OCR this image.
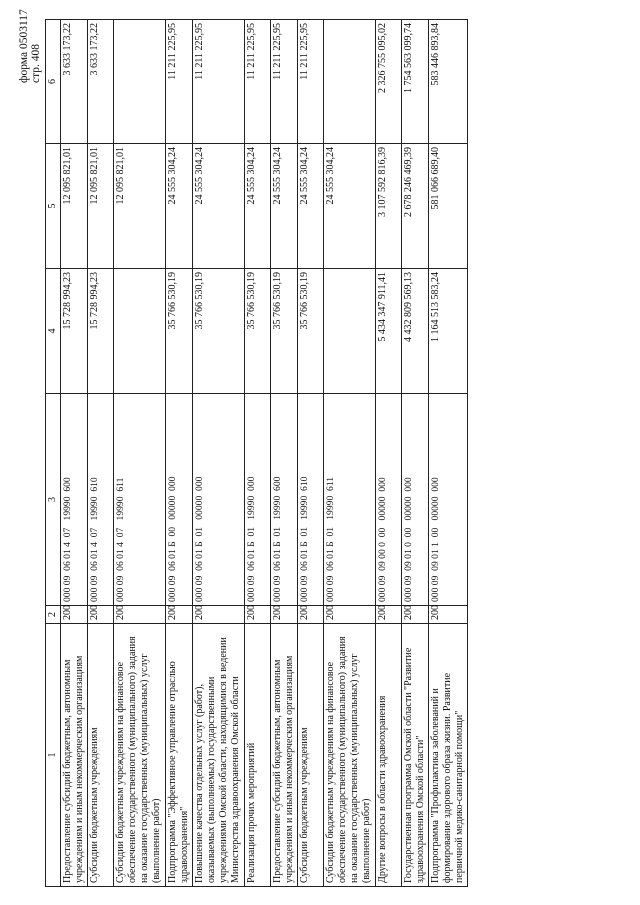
форма 0503117 стр. 408
1	2	3	4	5	6
Предоставление субсидий бюджетным, автономным учреждениям и иным некоммерческим организациям	200	000 09  06 01 4  07   19990  600	15 728 994,23	12 095 821,01	3 633 173,22
Субсидии бюджетным учреждениям	200	000 09  06 01 4  07   19990  610	15 728 994,23	12 095 821,01	3 633 173,22
Субсидии бюджетным учреждениям на финансовое обеспечение государственного (муниципального) задания на оказание государственных (муниципальных) услуг (выполнение работ)	200	000 09  06 01 4  07   19990  611		12 095 821,01	
Подпрограмма "Эффективное управление отраслью здравоохранения"	200	000 09  06 01 Б  00   00000  000	35 766 530,19	24 555 304,24	11 211 225,95
Повышение качества отдельных услуг (работ), оказываемых (выполняемых) государственными учреждениями Омской области, находящимися в ведении Министерства здравоохранения Омской области	200	000 09  06 01 Б  01   00000  000	35 766 530,19	24 555 304,24	11 211 225,95
Реализация прочих мероприятий	200	000 09  06 01 Б  01   19990  000	35 766 530,19	24 555 304,24	11 211 225,95
Предоставление субсидий бюджетным, автономным учреждениям и иным некоммерческим организациям	200	000 09  06 01 Б  01   19990  600	35 766 530,19	24 555 304,24	11 211 225,95
Субсидии бюджетным учреждениям	200	000 09  06 01 Б  01   19990  610	35 766 530,19	24 555 304,24	11 211 225,95
Субсидии бюджетным учреждениям на финансовое обеспечение государственного (муниципального) задания на оказание государственных (муниципальных) услуг (выполнение работ)	200	000 09  06 01 Б  01   19990  611		24 555 304,24	
Другие вопросы в области здравоохранения	200	000 09  09 00 0  00   00000  000	5 434 347 911,41	3 107 592 816,39	2 326 755 095,02
Государственная программа Омской области "Развитие здравоохранения Омской области"	200	000 09  09 01 0  00   00000  000	4 432 809 569,13	2 678 246 469,39	1 754 563 099,74
Подпрограмма "Профилактика заболеваний и формирование здорового образа жизни. Развитие первичной медико-санитарной помощи"	200	000 09  09 01 1  00   00000  000	1 164 513 583,24	581 066 689,40	583 446 893,84
